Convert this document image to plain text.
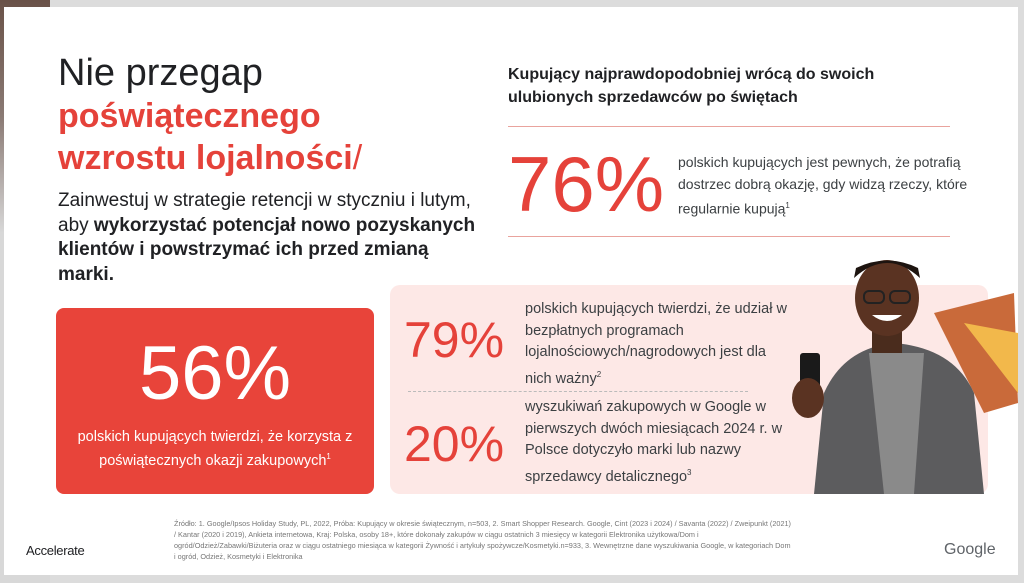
Nie przegap
poświątecznego
wzrostu lojalności/
Zainwestuj w strategie retencji w styczniu i lutym, aby wykorzystać potencjał nowo pozyskanych klientów i powstrzymać ich przed zmianą marki.
Kupujący najprawdopodobniej wrócą do swoich ulubionych sprzedawców po świętach
76% polskich kupujących jest pewnych, że potrafią dostrzec dobrą okazję, gdy widzą rzeczy, które regularnie kupują$^1$
56%
polskich kupujących twierdzi, że korzysta z poświątecznych okazji zakupowych$^1$
79%
polskich kupujących twierdzi, że udział w bezpłatnych programach lojalnościowych/nagrodowych jest dla nich ważny$^2$
20%
wyszukiwań zakupowych w Google w pierwszych dwóch miesiącach 2024 r. w Polsce dotyczyło marki lub nazwy sprzedawcy detalicznego$^3$
Źródło: 1. Google/Ipsos Holiday Study, PL, 2022, Próba: Kupujący w okresie świątecznym, n=503, 2. Smart Shopper Research. Google, Cint (2023 i 2024) / Savanta (2022) / Zweipunkt (2021) / Kantar (2020 i 2019), Ankieta internetowa, Kraj: Polska, osoby 18+, które dokonały zakupów w ciągu ostatnich 3 miesięcy w kategorii Elektronika użytkowa/Dom i ogród/Odzież/Zabawki/Biżuteria oraz w ciągu ostatniego miesiąca w kategorii Żywność i artykuły spożywcze/Kosmetyki.n=933, 3. Wewnętrzne dane wyszukiwania Google, w kategoriach Dom i ogród, Odzież, Kosmetyki i Elektronika
Accelerate	Google
